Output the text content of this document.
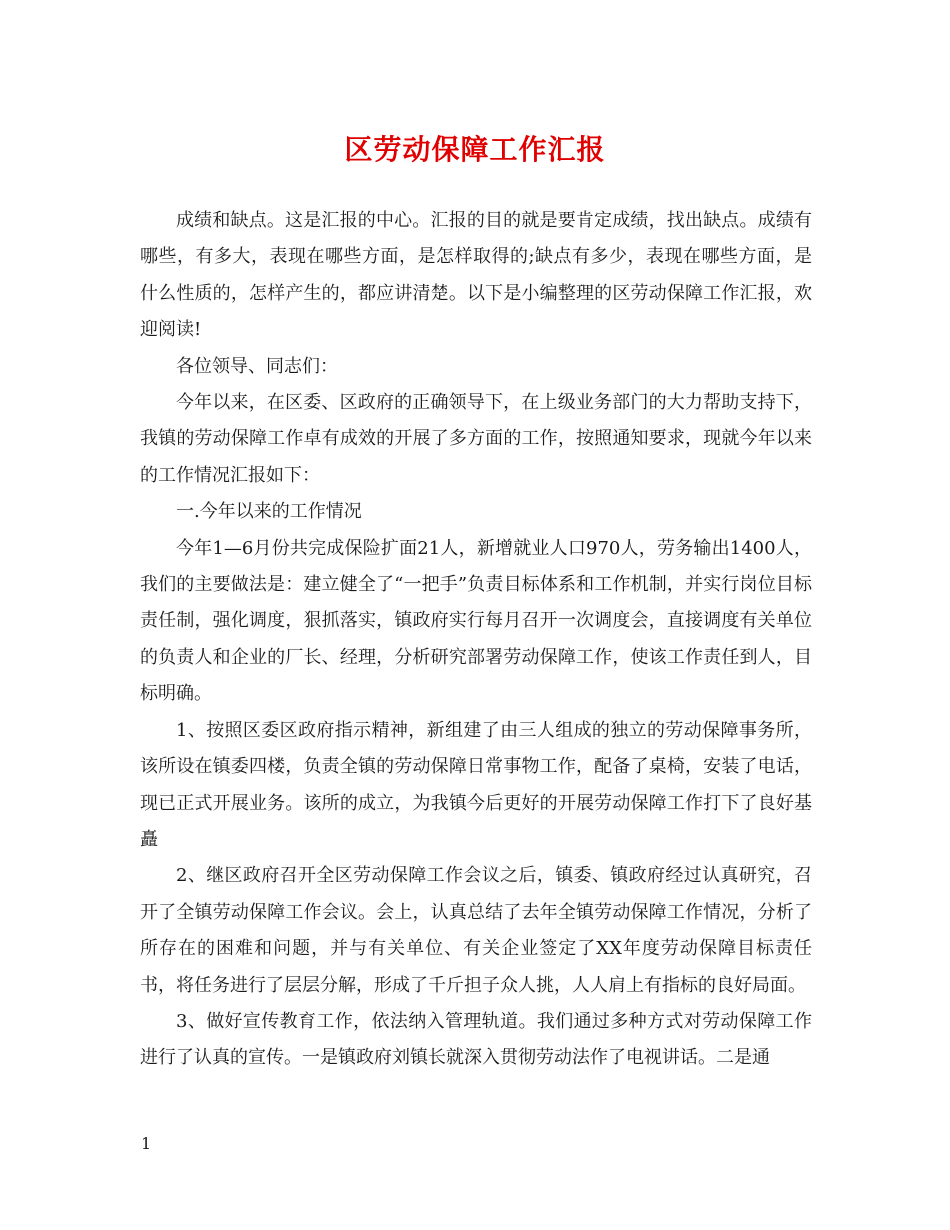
区劳动保障工作汇报

成绩和缺点。这是汇报的中心。汇报的目的就是要肯定成绩，找出缺点。成绩有哪些，有多大，表现在哪些方面，是怎样取得的;缺点有多少，表现在哪些方面，是什么性质的，怎样产生的，都应讲清楚。以下是小编整理的区劳动保障工作汇报，欢迎阅读!

各位领导、同志们：

今年以来，在区委、区政府的正确领导下，在上级业务部门的大力帮助支持下，我镇的劳动保障工作卓有成效的开展了多方面的工作，按照通知要求，现就今年以来的工作情况汇报如下：

一.今年以来的工作情况

今年1—6月份共完成保险扩面21人，新增就业人口970人，劳务输出1400人，我们的主要做法是：建立健全了“一把手”负责目标体系和工作机制，并实行岗位目标责任制，强化调度，狠抓落实，镇政府实行每月召开一次调度会，直接调度有关单位的负责人和企业的厂长、经理，分析研究部署劳动保障工作，使该工作责任到人，目标明确。

1、按照区委区政府指示精神，新组建了由三人组成的独立的劳动保障事务所，该所设在镇委四楼，负责全镇的劳动保障日常事物工作，配备了桌椅，安装了电话，现已正式开展业务。该所的成立，为我镇今后更好的开展劳动保障工作打下了良好基矗

2、继区政府召开全区劳动保障工作会议之后，镇委、镇政府经过认真研究，召开了全镇劳动保障工作会议。会上，认真总结了去年全镇劳动保障工作情况，分析了所存在的困难和问题，并与有关单位、有关企业签定了XX年度劳动保障目标责任书，将任务进行了层层分解，形成了千斤担子众人挑，人人肩上有指标的良好局面。

3、做好宣传教育工作，依法纳入管理轨道。我们通过多种方式对劳动保障工作进行了认真的宣传。一是镇政府刘镇长就深入贯彻劳动法作了电视讲话。二是通

1
